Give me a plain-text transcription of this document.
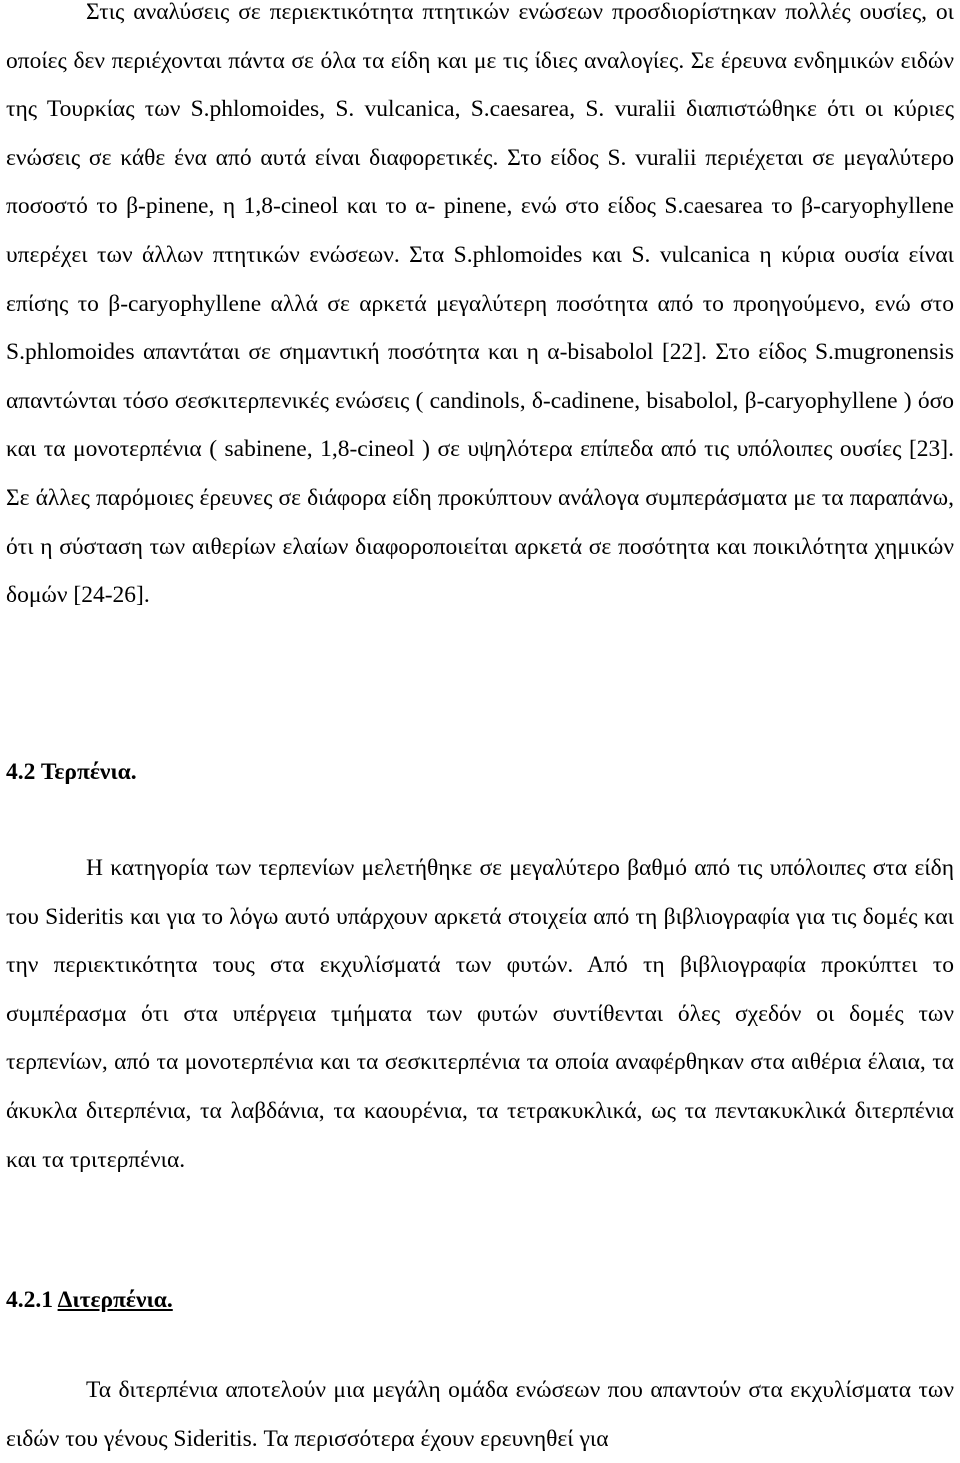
Στις αναλύσεις σε περιεκτικότητα πτητικών ενώσεων προσδιορίστηκαν πολλές ουσίες, οι οποίες δεν περιέχονται πάντα σε όλα τα είδη και με τις ίδιες αναλογίες. Σε έρευνα ενδημικών ειδών της Τουρκίας των S.phlomoides, S. vulcanica, S.caesarea, S. vuralii διαπιστώθηκε ότι οι κύριες ενώσεις σε κάθε ένα από αυτά είναι διαφορετικές. Στο είδος S. vuralii περιέχεται σε μεγαλύτερο ποσοστό το β-pinene, η 1,8-cineol και το α- pinene, ενώ στο είδος S.caesarea το β-caryophyllene υπερέχει των άλλων πτητικών ενώσεων. Στα S.phlomoides και S. vulcanica η κύρια ουσία είναι επίσης το β-caryophyllene αλλά σε αρκετά μεγαλύτερη ποσότητα από το προηγούμενο, ενώ στο S.phlomoides απαντάται σε σημαντική ποσότητα και η α-bisabolol [22]. Στο είδος S.mugronensis απαντώνται τόσο σεσκιτερπενικές ενώσεις ( candinols, δ-cadinene, bisabolol, β-caryophyllene ) όσο και τα μονοτερπένια ( sabinene, 1,8-cineol ) σε υψηλότερα επίπεδα από τις υπόλοιπες ουσίες [23]. Σε άλλες παρόμοιες έρευνες σε διάφορα είδη προκύπτουν ανάλογα συμπεράσματα με τα παραπάνω, ότι η σύσταση των αιθερίων ελαίων διαφοροποιείται αρκετά σε ποσότητα και ποικιλότητα χημικών δομών [24-26].

4.2 Τερπένια.

Η κατηγορία των τερπενίων μελετήθηκε σε μεγαλύτερο βαθμό από τις υπόλοιπες στα είδη του Sideritis και για το λόγω αυτό υπάρχουν αρκετά στοιχεία από τη βιβλιογραφία για τις δομές και την περιεκτικότητα τους στα εκχυλίσματά των φυτών. Από τη βιβλιογραφία προκύπτει το συμπέρασμα ότι στα υπέργεια τμήματα των φυτών συντίθενται όλες σχεδόν οι δομές των τερπενίων, από τα μονοτερπένια και τα σεσκιτερπένια τα οποία αναφέρθηκαν στα αιθέρια έλαια, τα άκυκλα διτερπένια, τα λαβδάνια, τα καουρένια, τα τετρακυκλικά, ως τα πεντακυκλικά διτερπένια και τα τριτερπένια.

4.2.1 Διτερπένια.

Τα διτερπένια αποτελούν μια μεγάλη ομάδα ενώσεων που απαντούν στα εκχυλίσματα των ειδών του γένους Sideritis. Τα περισσότερα έχουν ερευνηθεί για
